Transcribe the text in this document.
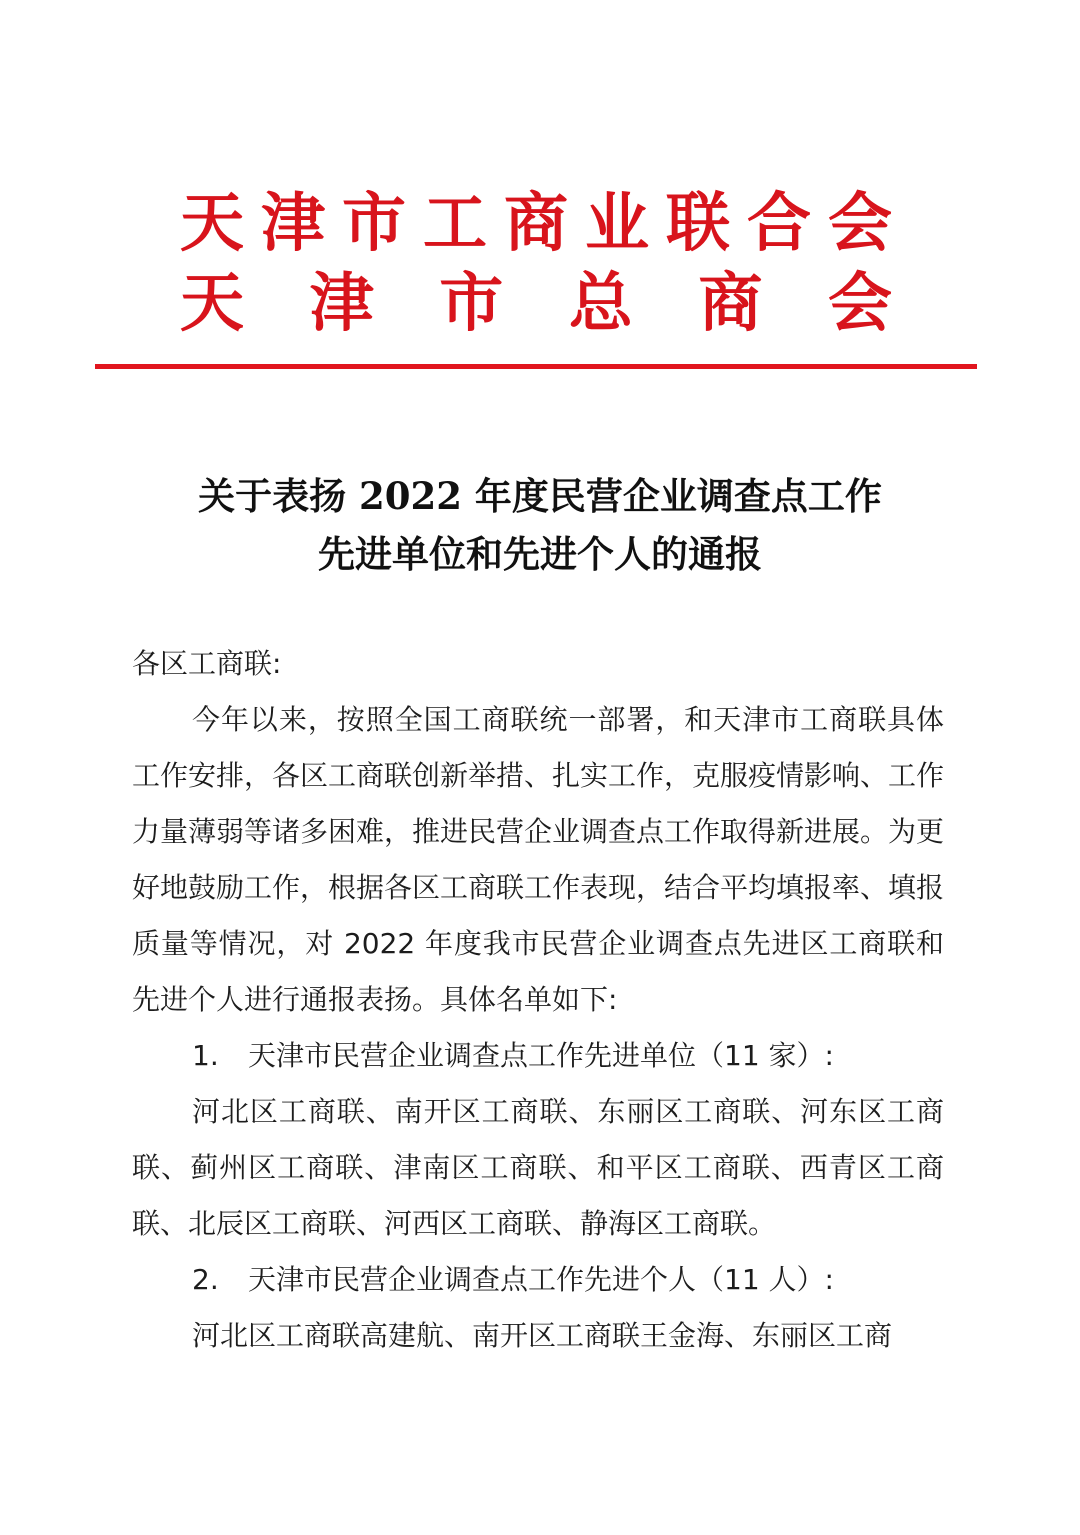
天 津 市 工 商 业 联 合 会
天 津 市 总 商 会
关于表扬 2022 年度民营企业调查点工作
先进单位和先进个人的通报

各区工商联:

今年以来，按照全国工商联统一部署，和天津市工商联具体工作安排，各区工商联创新举措、扎实工作，克服疫情影响、工作力量薄弱等诸多困难，推进民营企业调查点工作取得新进展。为更好地鼓励工作，根据各区工商联工作表现，结合平均填报率、填报质量等情况，对 2022 年度我市民营企业调查点先进区工商联和先进个人进行通报表扬。具体名单如下:

1. 天津市民营企业调查点工作先进单位（11 家）:

河北区工商联、南开区工商联、东丽区工商联、河东区工商联、蓟州区工商联、津南区工商联、和平区工商联、西青区工商联、北辰区工商联、河西区工商联、静海区工商联。

2. 天津市民营企业调查点工作先进个人（11 人）:

河北区工商联高建航、南开区工商联王金海、东丽区工商
